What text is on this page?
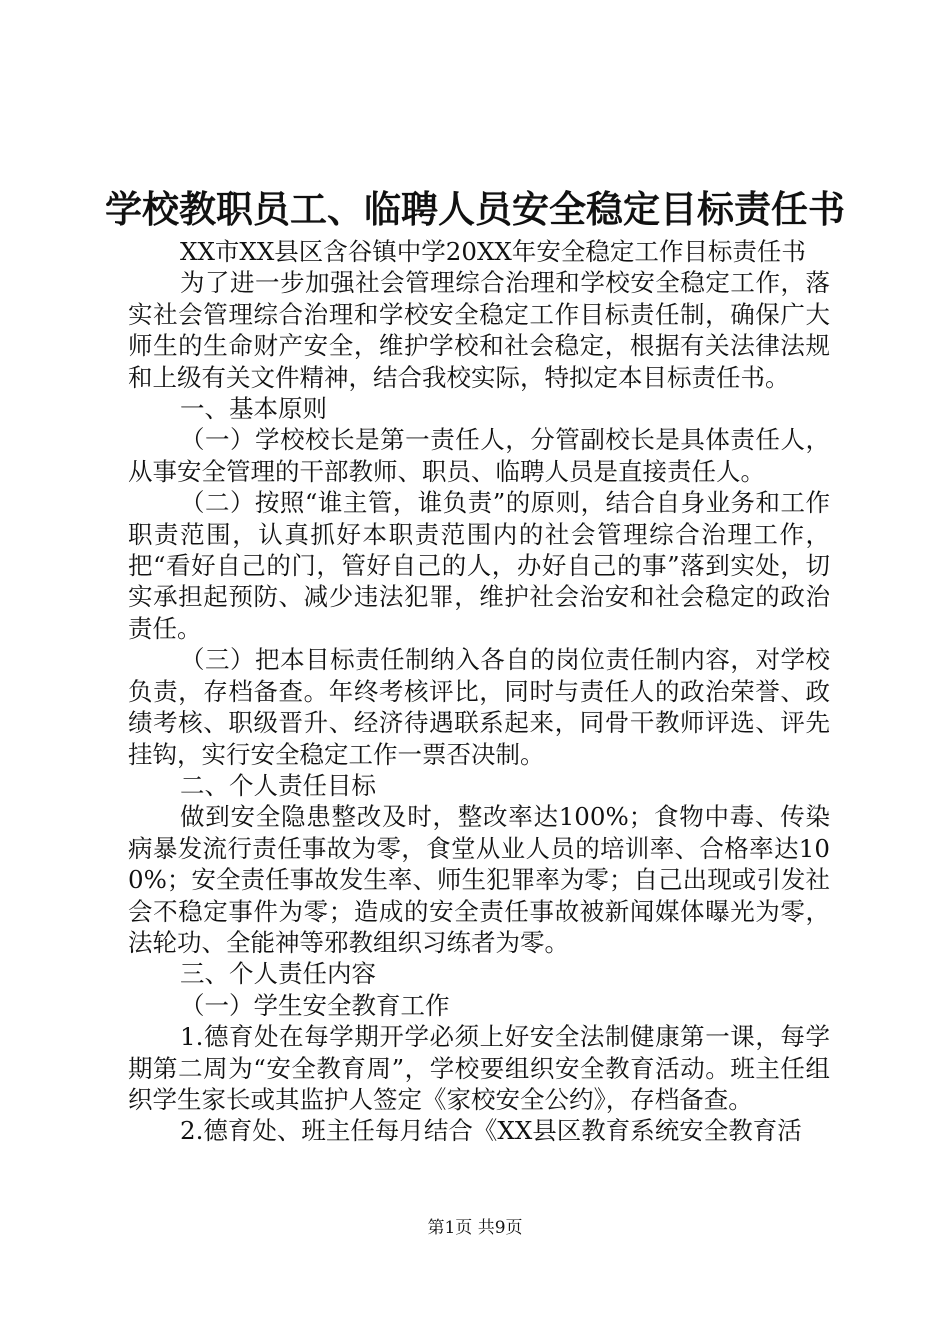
学校教职员工、临聘人员安全稳定目标责任书

XX市XX县区含谷镇中学20XX年安全稳定工作目标责任书

为了进一步加强社会管理综合治理和学校安全稳定工作，落实社会管理综合治理和学校安全稳定工作目标责任制，确保广大师生的生命财产安全，维护学校和社会稳定，根据有关法律法规和上级有关文件精神，结合我校实际，特拟定本目标责任书。

一、基本原则

（一）学校校长是第一责任人，分管副校长是具体责任人，从事安全管理的干部教师、职员、临聘人员是直接责任人。

（二）按照“谁主管，谁负责”的原则，结合自身业务和工作职责范围，认真抓好本职责范围内的社会管理综合治理工作，把“看好自己的门，管好自己的人，办好自己的事”落到实处，切实承担起预防、减少违法犯罪，维护社会治安和社会稳定的政治责任。

（三）把本目标责任制纳入各自的岗位责任制内容，对学校负责，存档备查。年终考核评比，同时与责任人的政治荣誉、政绩考核、职级晋升、经济待遇联系起来，同骨干教师评选、评先挂钩，实行安全稳定工作一票否决制。

二、个人责任目标

做到安全隐患整改及时，整改率达100%；食物中毒、传染病暴发流行责任事故为零，食堂从业人员的培训率、合格率达100%；安全责任事故发生率、师生犯罪率为零；自己出现或引发社会不稳定事件为零；造成的安全责任事故被新闻媒体曝光为零，法轮功、全能神等邪教组织习练者为零。

三、个人责任内容

（一）学生安全教育工作

1.德育处在每学期开学必须上好安全法制健康第一课，每学期第二周为“安全教育周”，学校要组织安全教育活动。班主任组织学生家长或其监护人签定《家校安全公约》，存档备查。

2.德育处、班主任每月结合《XX县区教育系统安全教育活

第1页 共9页
